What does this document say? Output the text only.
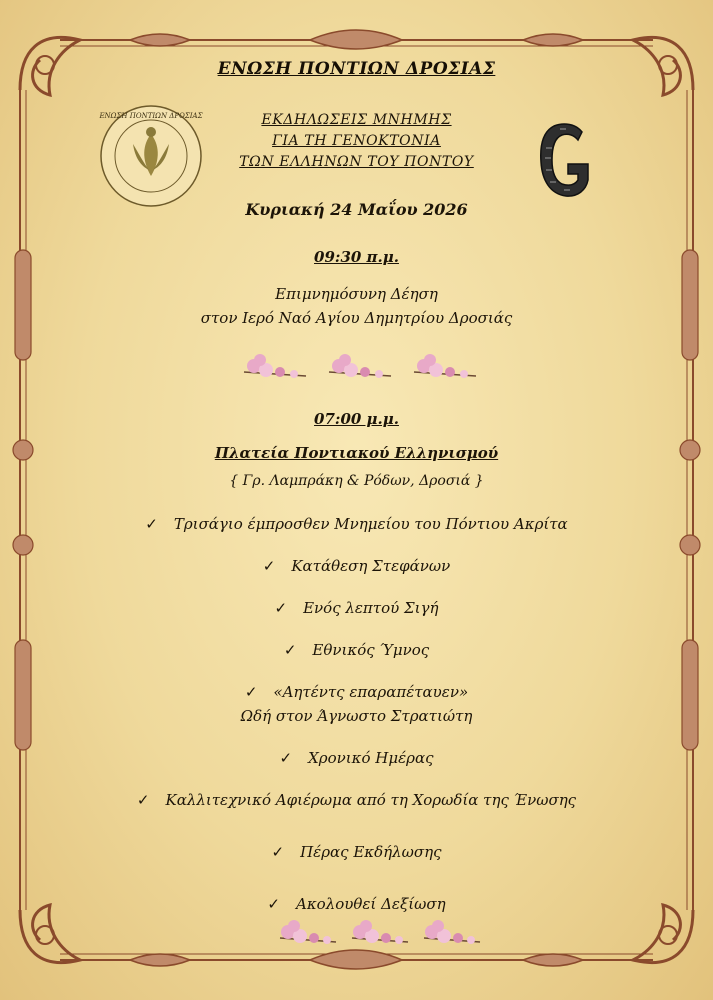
ΕΝΩΣΗ ΠΟΝΤΙΩΝ ΔΡΟΣΙΑΣ
ΕΝΩΣΗ ΠΟΝΤΙΩΝ ΔΡΟΣΙΑΣ
ΕΚΔΗΛΩΣΕΙΣ ΜΝΗΜΗΣ
ΓΙΑ ΤΗ ΓΕΝΟΚΤΟΝΙΑ
ΤΩΝ ΕΛΛΗΝΩΝ ΤΟΥ ΠΟΝΤΟΥ
Κυριακή 24 Μαΐου 2026
09:30 π.μ.
Επιμνημόσυνη Δέηση
στον Ιερό Ναό Αγίου Δημητρίου Δροσιάς
07:00 μ.μ.
Πλατεία Ποντιακού Ελληνισμού
{ Γρ. Λαμπράκη & Ρόδων, Δροσιά }
✓ Τρισάγιο έμπροσθεν Μνημείου του Πόντιου Ακρίτα
✓ Κατάθεση Στεφάνων
✓ Ενός λεπτού Σιγή
✓ Εθνικός Ύμνος
✓ «Αητέντς επαραπέταυεν»
Ωδή στον Άγνωστο Στρατιώτη
✓ Χρονικό Ημέρας
✓ Καλλιτεχνικό Αφιέρωμα από τη Χορωδία της Ένωσης
✓ Πέρας Εκδήλωσης
✓ Ακολουθεί Δεξίωση
